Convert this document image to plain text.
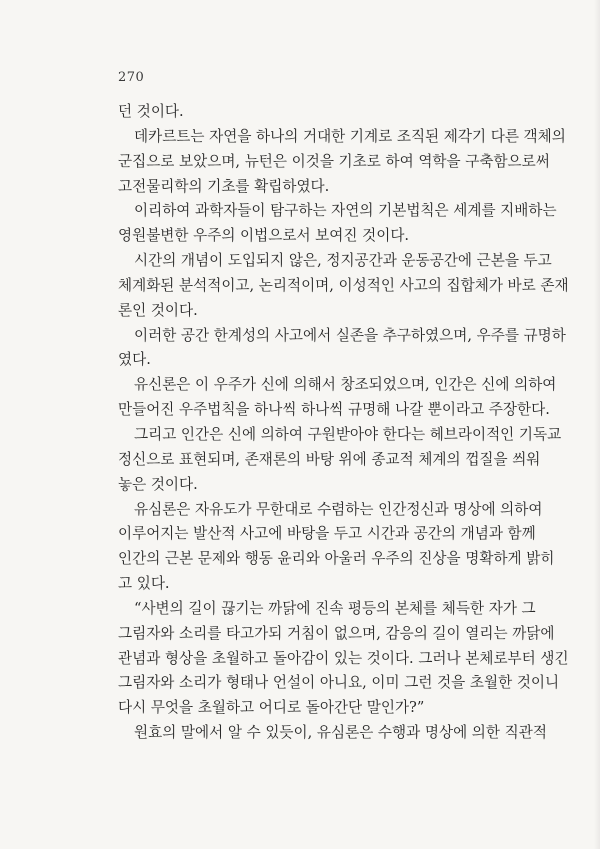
270
던 것이다.
데카르트는 자연을 하나의 거대한 기계로 조직된 제각기 다른 객체의
군집으로 보았으며, 뉴턴은 이것을 기초로 하여 역학을 구축함으로써
고전물리학의 기초를 확립하였다.
이리하여 과학자들이 탐구하는 자연의 기본법칙은 세계를 지배하는
영원불변한 우주의 이법으로서 보여진 것이다.
시간의 개념이 도입되지 않은, 정지공간과 운동공간에 근본을 두고
체계화된 분석적이고, 논리적이며, 이성적인 사고의 집합체가 바로 존재
론인 것이다.
이러한 공간 한계성의 사고에서 실존을 추구하였으며, 우주를 규명하
였다.
유신론은 이 우주가 신에 의해서 창조되었으며, 인간은 신에 의하여
만들어진 우주법칙을 하나씩 하나씩 규명해 나갈 뿐이라고 주장한다.
그리고 인간은 신에 의하여 구원받아야 한다는 헤브라이적인 기독교
정신으로 표현되며, 존재론의 바탕 위에 종교적 체계의 껍질을 씌워
놓은 것이다.
유심론은 자유도가 무한대로 수렴하는 인간정신과 명상에 의하여
이루어지는 발산적 사고에 바탕을 두고 시간과 공간의 개념과 함께
인간의 근본 문제와 행동 윤리와 아울러 우주의 진상을 명확하게 밝히
고 있다.
“사변의 길이 끊기는 까닭에 진속 평등의 본체를 체득한 자가 그
그림자와 소리를 타고가되 거침이 없으며, 감응의 길이 열리는 까닭에
관념과 형상을 초월하고 돌아감이 있는 것이다. 그러나 본체로부터 생긴
그림자와 소리가 형태나 언설이 아니요, 이미 그런 것을 초월한 것이니
다시 무엇을 초월하고 어디로 돌아간단 말인가?”
원효의 말에서 알 수 있듯이, 유심론은 수행과 명상에 의한 직관적
